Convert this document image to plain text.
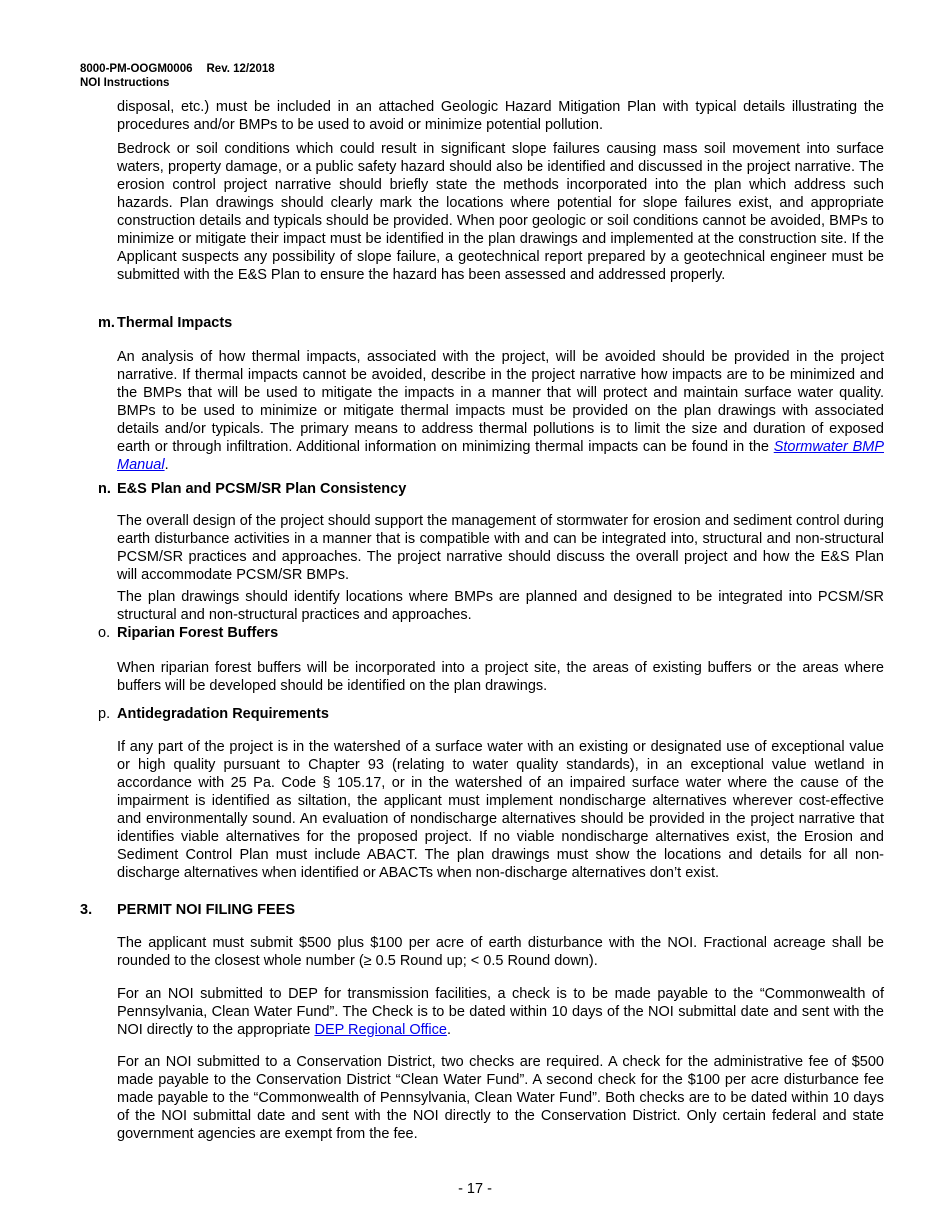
8000-PM-OOGM0006 Rev. 12/2018
NOI Instructions
disposal, etc.) must be included in an attached Geologic Hazard Mitigation Plan with typical details illustrating the procedures and/or BMPs to be used to avoid or minimize potential pollution.
Bedrock or soil conditions which could result in significant slope failures causing mass soil movement into surface waters, property damage, or a public safety hazard should also be identified and discussed in the project narrative. The erosion control project narrative should briefly state the methods incorporated into the plan which address such hazards. Plan drawings should clearly mark the locations where potential for slope failures exist, and appropriate construction details and typicals should be provided. When poor geologic or soil conditions cannot be avoided, BMPs to minimize or mitigate their impact must be identified in the plan drawings and implemented at the construction site. If the Applicant suspects any possibility of slope failure, a geotechnical report prepared by a geotechnical engineer must be submitted with the E&S Plan to ensure the hazard has been assessed and addressed properly.
m. Thermal Impacts
An analysis of how thermal impacts, associated with the project, will be avoided should be provided in the project narrative. If thermal impacts cannot be avoided, describe in the project narrative how impacts are to be minimized and the BMPs that will be used to mitigate the impacts in a manner that will protect and maintain surface water quality. BMPs to be used to minimize or mitigate thermal impacts must be provided on the plan drawings with associated details and/or typicals. The primary means to address thermal pollutions is to limit the size and duration of exposed earth or through infiltration. Additional information on minimizing thermal impacts can be found in the Stormwater BMP Manual.
n. E&S Plan and PCSM/SR Plan Consistency
The overall design of the project should support the management of stormwater for erosion and sediment control during earth disturbance activities in a manner that is compatible with and can be integrated into, structural and non-structural PCSM/SR practices and approaches. The project narrative should discuss the overall project and how the E&S Plan will accommodate PCSM/SR BMPs.
The plan drawings should identify locations where BMPs are planned and designed to be integrated into PCSM/SR structural and non-structural practices and approaches.
o. Riparian Forest Buffers
When riparian forest buffers will be incorporated into a project site, the areas of existing buffers or the areas where buffers will be developed should be identified on the plan drawings.
p. Antidegradation Requirements
If any part of the project is in the watershed of a surface water with an existing or designated use of exceptional value or high quality pursuant to Chapter 93 (relating to water quality standards), in an exceptional value wetland in accordance with 25 Pa. Code § 105.17, or in the watershed of an impaired surface water where the cause of the impairment is identified as siltation, the applicant must implement nondischarge alternatives wherever cost-effective and environmentally sound. An evaluation of nondischarge alternatives should be provided in the project narrative that identifies viable alternatives for the proposed project. If no viable nondischarge alternatives exist, the Erosion and Sediment Control Plan must include ABACT. The plan drawings must show the locations and details for all non-discharge alternatives when identified or ABACTs when non-discharge alternatives don’t exist.
3. PERMIT NOI FILING FEES
The applicant must submit $500 plus $100 per acre of earth disturbance with the NOI. Fractional acreage shall be rounded to the closest whole number (≥ 0.5 Round up; < 0.5 Round down).
For an NOI submitted to DEP for transmission facilities, a check is to be made payable to the “Commonwealth of Pennsylvania, Clean Water Fund”. The Check is to be dated within 10 days of the NOI submittal date and sent with the NOI directly to the appropriate DEP Regional Office.
For an NOI submitted to a Conservation District, two checks are required. A check for the administrative fee of $500 made payable to the Conservation District “Clean Water Fund”. A second check for the $100 per acre disturbance fee made payable to the “Commonwealth of Pennsylvania, Clean Water Fund”. Both checks are to be dated within 10 days of the NOI submittal date and sent with the NOI directly to the Conservation District. Only certain federal and state government agencies are exempt from the fee.
- 17 -
